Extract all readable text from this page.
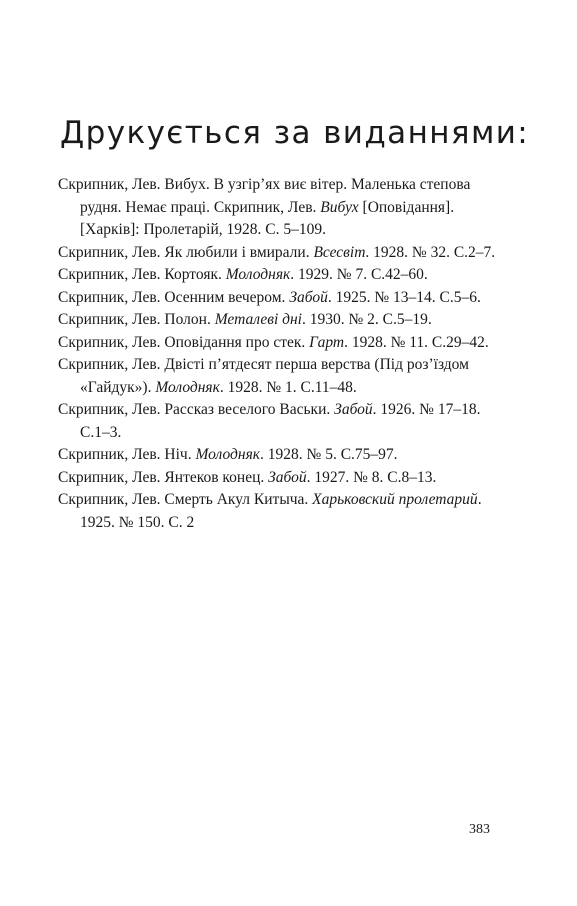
Друкується за виданнями:
Скрипник, Лев. Вибух. В узгір’ях виє вітер. Маленька степова рудня. Немає праці. Скрипник, Лев. Вибух [Оповідання]. [Харків]: Пролетарій, 1928. С. 5–109.
Скрипник, Лев. Як любили і вмирали. Всесвіт. 1928. № 32. С.2–7.
Скрипник, Лев. Кортояк. Молодняк. 1929. № 7. С.42–60.
Скрипник, Лев. Осенним вечером. Забой. 1925. № 13–14. С.5–6.
Скрипник, Лев. Полон. Металеві дні. 1930. № 2. С.5–19.
Скрипник, Лев. Оповідання про стек. Гарт. 1928. № 11. С.29–42.
Скрипник, Лев. Двісті п’ятдесят перша верства (Під роз’їздом «Гайдук»). Молодняк. 1928. № 1. С.11–48.
Скрипник, Лев. Рассказ веселого Васьки. Забой. 1926. № 17–18. С.1–3.
Скрипник, Лев. Ніч. Молодняк. 1928. № 5. С.75–97.
Скрипник, Лев. Янтеков конец. Забой. 1927. № 8. С.8–13.
Скрипник, Лев. Смерть Акул Китыча. Харьковский пролетарий. 1925. № 150. С. 2
383
